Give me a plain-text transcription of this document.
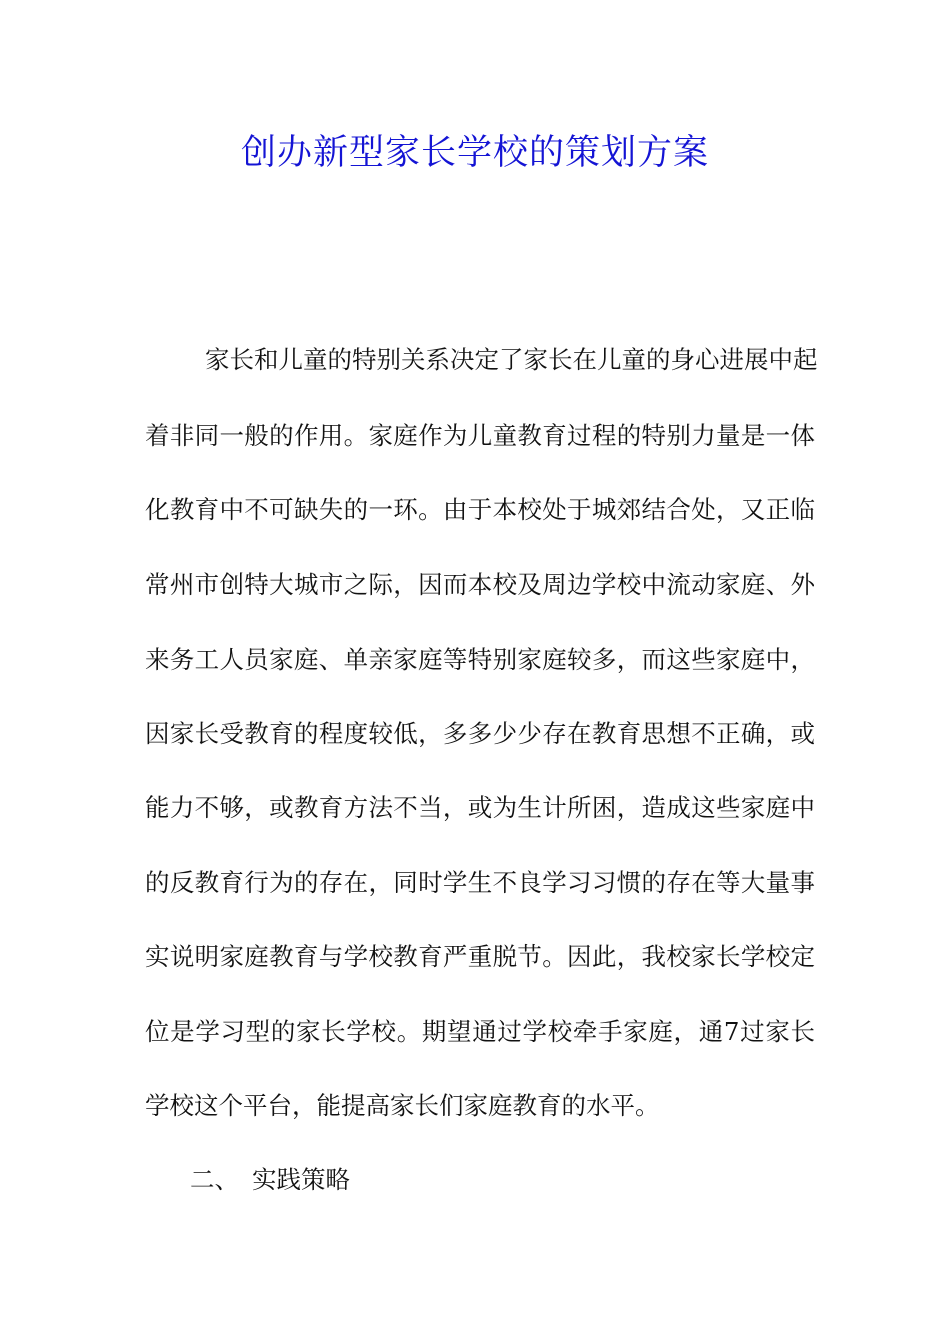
创办新型家长学校的策划方案
家长和儿童的特别关系决定了家长在儿童的身心进展中起
着非同一般的作用。家庭作为儿童教育过程的特别力量是一体
化教育中不可缺失的一环。由于本校处于城郊结合处，又正临
常州市创特大城市之际，因而本校及周边学校中流动家庭、外
来务工人员家庭、单亲家庭等特别家庭较多，而这些家庭中，
因家长受教育的程度较低，多多少少存在教育思想不正确，或
能力不够，或教育方法不当，或为生计所困，造成这些家庭中
的反教育行为的存在，同时学生不良学习习惯的存在等大量事
实说明家庭教育与学校教育严重脱节。因此，我校家长学校定
位是学习型的家长学校。期望通过学校牵手家庭，通7过家长
学校这个平台，能提高家长们家庭教育的水平。
二、 实践策略
